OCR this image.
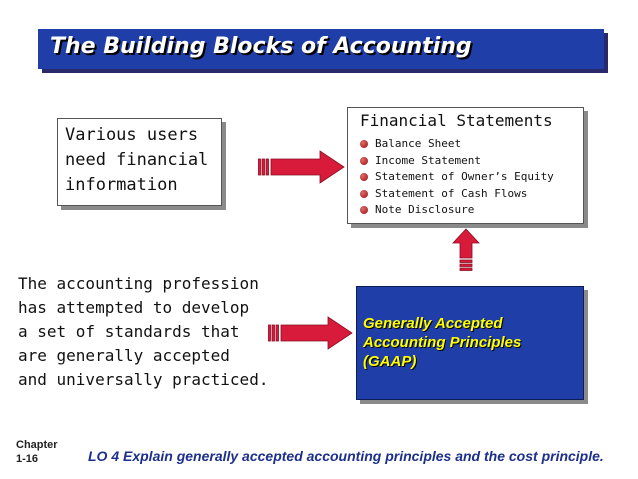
The Building Blocks of Accounting

Various users
need financial
information

Financial Statements
Balance Sheet
Income Statement
Statement of Owner’s Equity
Statement of Cash Flows
Note Disclosure

The accounting profession
has attempted to develop
a set of standards that
are generally accepted
and universally practiced.

Generally Accepted
Accounting Principles
(GAAP)

Chapter
1-16	LO 4 Explain generally accepted accounting principles and the cost principle.
